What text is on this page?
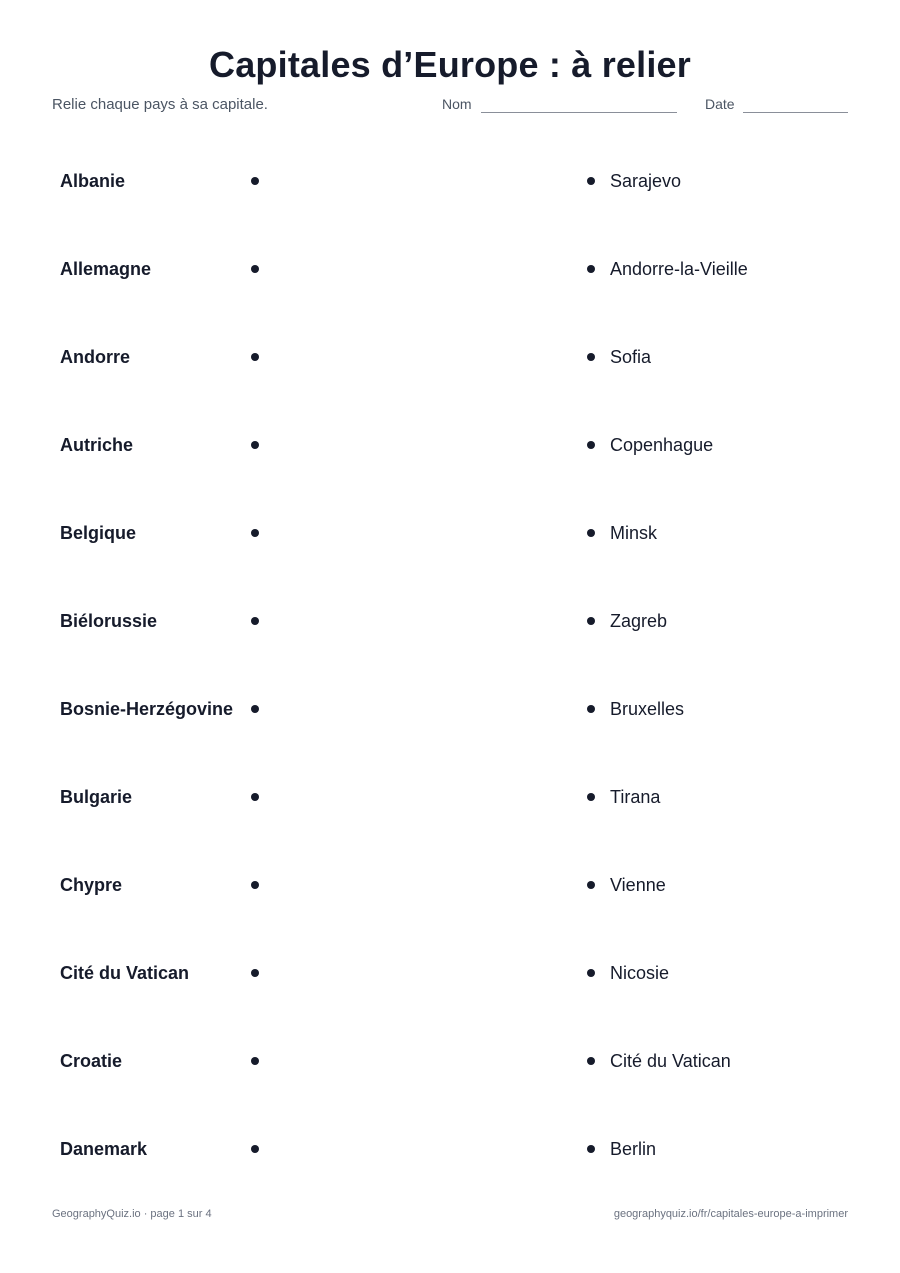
Capitales d’Europe : à relier
Relie chaque pays à sa capitale.	Nom	Date
Albanie	Sarajevo
Allemagne	Andorre-la-Vieille
Andorre	Sofia
Autriche	Copenhague
Belgique	Minsk
Biélorussie	Zagreb
Bosnie-Herzégovine	Bruxelles
Bulgarie	Tirana
Chypre	Vienne
Cité du Vatican	Nicosie
Croatie	Cité du Vatican
Danemark	Berlin
GeographyQuiz.io · page 1 sur 4	geographyquiz.io/fr/capitales-europe-a-imprimer
